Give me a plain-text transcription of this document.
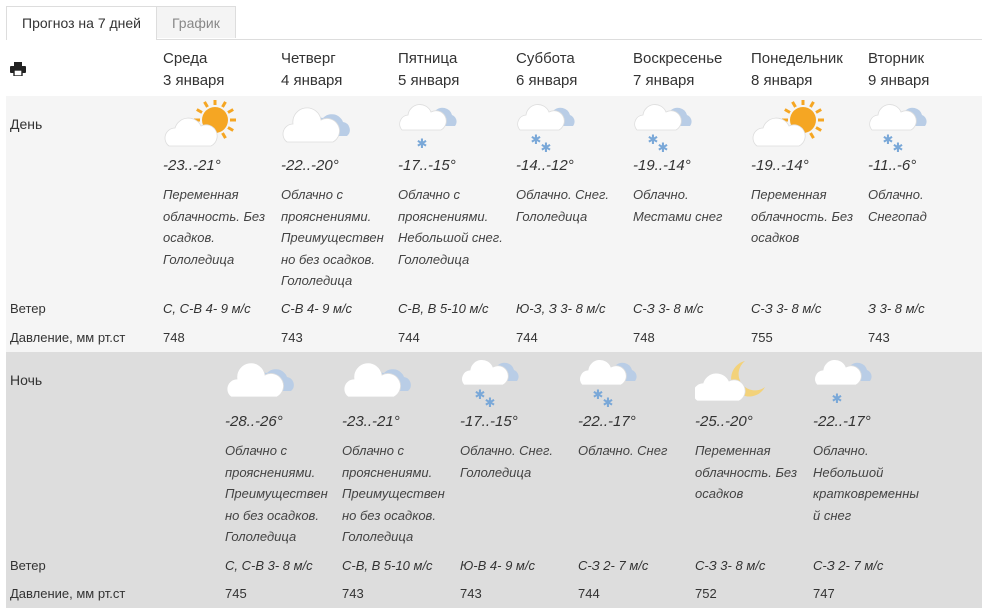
Прогноз на 7 дней	График
Среда
3 января
Четверг
4 января
Пятница
5 января
Суббота
6 января
Воскресенье
7 января
Понедельник
8 января
Вторник
9 января
День
Ветер
Давление, мм рт.ст
Ночь
Ветер
Давление, мм рт.ст
-23..-21°
Переменная облачность. Без осадков. Гололедица
С, С-В 4- 9 м/с
748
-22..-20°
Облачно с прояснениями. Преимуществен но без осадков. Гололедица
С-В 4- 9 м/с
743
✱
-17..-15°
Облачно с прояснениями. Небольшой снег. Гололедица
С-В, В 5-10 м/с
744
✱
✱
-14..-12°
Облачно. Снег. Гололедица
Ю-З, З 3- 8 м/с
744
✱
✱
-19..-14°
Облачно. Местами снег
С-З 3- 8 м/с
748
-19..-14°
Переменная облачность. Без осадков
С-З 3- 8 м/с
755
✱
✱
-11..-6°
Облачно. Снегопад
З 3- 8 м/с
743
-28..-26°
Облачно с прояснениями. Преимуществен но без осадков. Гололедица
С, С-В 3- 8 м/с
745
-23..-21°
Облачно с прояснениями. Преимуществен но без осадков. Гололедица
С-В, В 5-10 м/с
743
✱
✱
-17..-15°
Облачно. Снег. Гололедица
Ю-В 4- 9 м/с
743
✱
✱
-22..-17°
Облачно. Снег
С-З 2- 7 м/с
744
-25..-20°
Переменная облачность. Без осадков
С-З 3- 8 м/с
752
✱
-22..-17°
Облачно. Небольшой кратковременны й снег
С-З 2- 7 м/с
747
